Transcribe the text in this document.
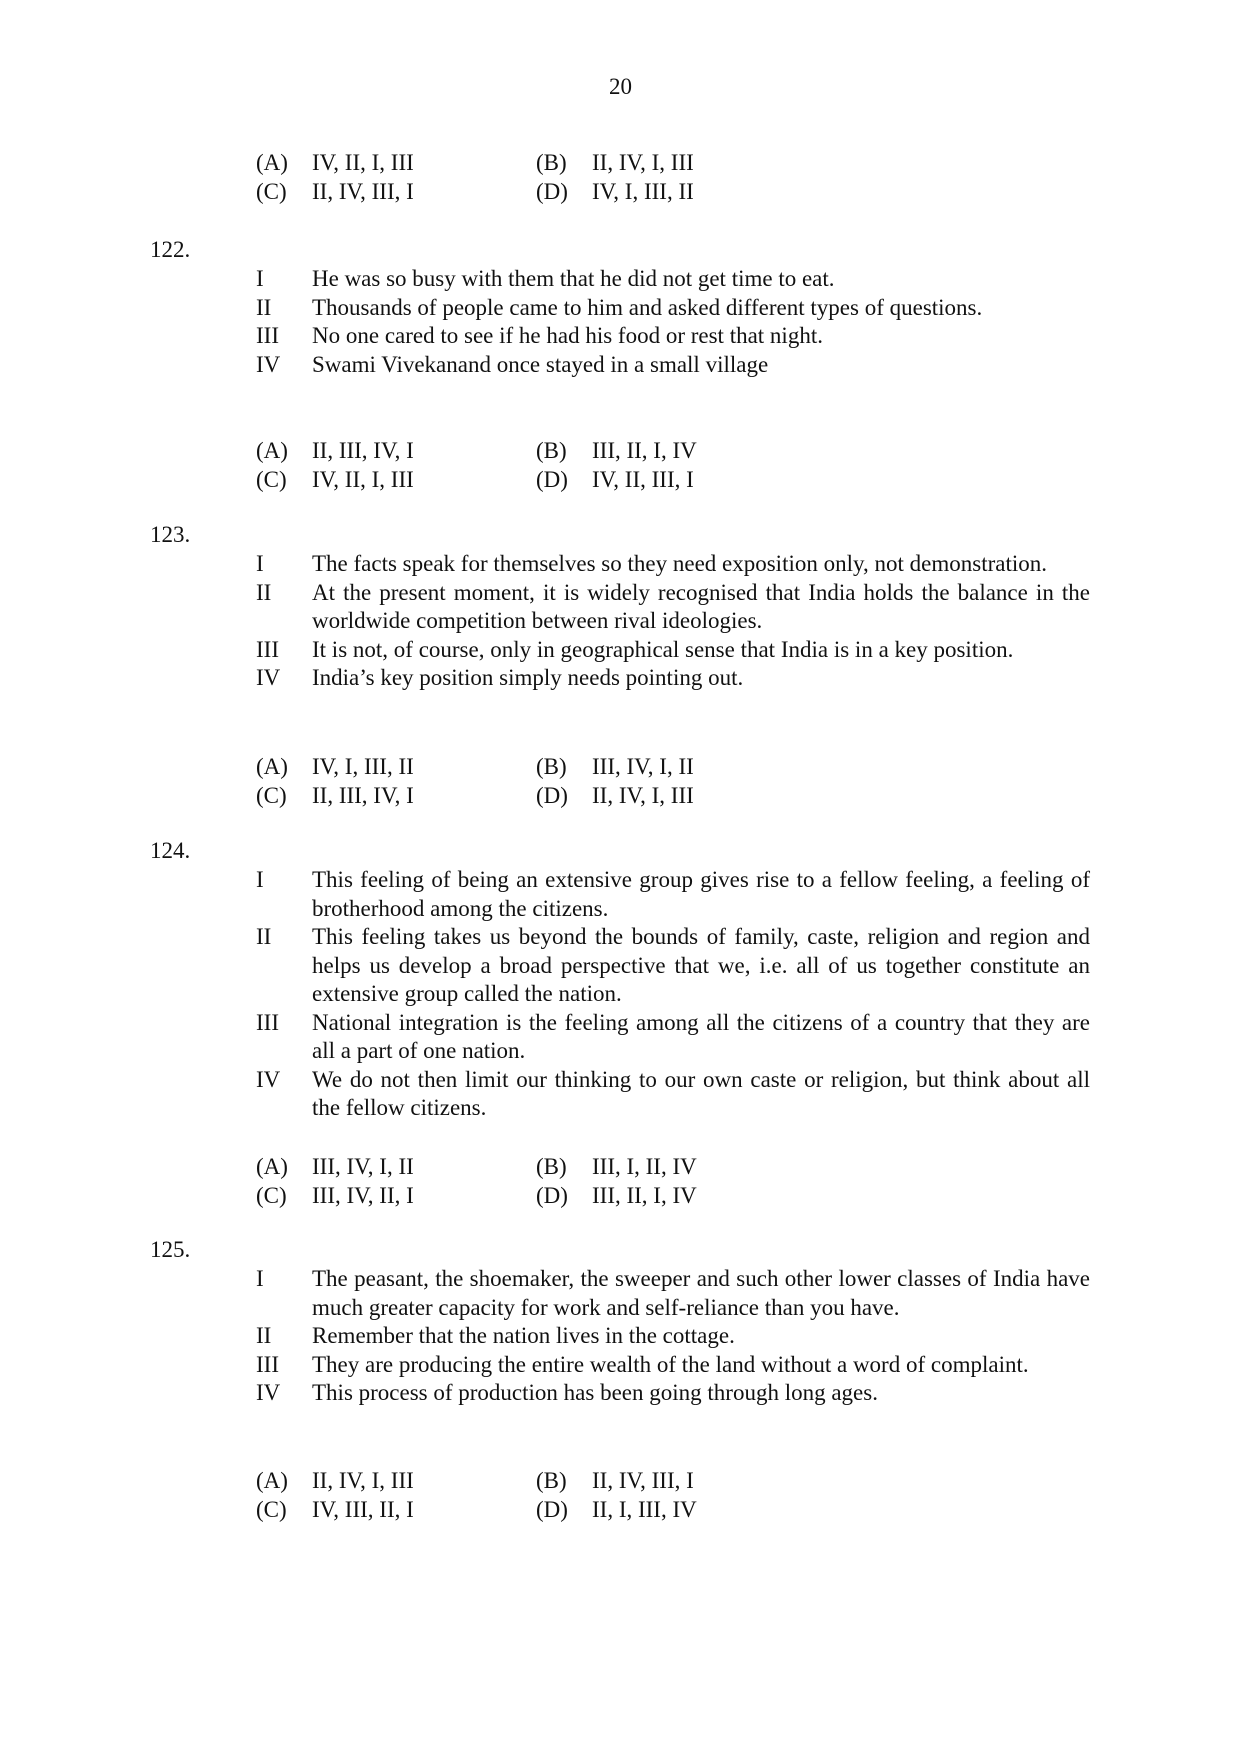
20
(A)	IV, II, I, III	(B)	II, IV, I, III
(C)	II, IV, III, I	(D)	IV, I, III, II
122.
I	He was so busy with them that he did not get time to eat.
II	Thousands of people came to him and asked different types of questions.
III	No one cared to see if he had his food or rest that night.
IV	Swami Vivekanand once stayed in a small village
(A)	II, III, IV, I	(B)	III, II, I, IV
(C)	IV, II, I, III	(D)	IV, II, III, I
123.
I	The facts speak for themselves so they need exposition only, not demonstration.
II	At the present moment, it is widely recognised that India holds the balance in the worldwide competition between rival ideologies.
III	It is not, of course, only in geographical sense that India is in a key position.
IV	India’s key position simply needs pointing out.
(A)	IV, I, III, II	(B)	III, IV, I, II
(C)	II, III, IV, I	(D)	II, IV, I, III
124.
I	This feeling of being an extensive group gives rise to a fellow feeling, a feeling of brotherhood among the citizens.
II	This feeling takes us beyond the bounds of family, caste, religion and region and helps us develop a broad perspective that we, i.e. all of us together constitute an extensive group called the nation.
III	National integration is the feeling among all the citizens of a country that they are all a part of one nation.
IV	We do not then limit our thinking to our own caste or religion, but think about all the fellow citizens.
(A)	III, IV, I, II	(B)	III, I, II, IV
(C)	III, IV, II, I	(D)	III, II, I, IV
125.
I	The peasant, the shoemaker, the sweeper and such other lower classes of India have much greater capacity for work and self-reliance than you have.
II	Remember that the nation lives in the cottage.
III	They are producing the entire wealth of the land without a word of complaint.
IV	This process of production has been going through long ages.
(A)	II, IV, I, III	(B)	II, IV, III, I
(C)	IV, III, II, I	(D)	II, I, III, IV
